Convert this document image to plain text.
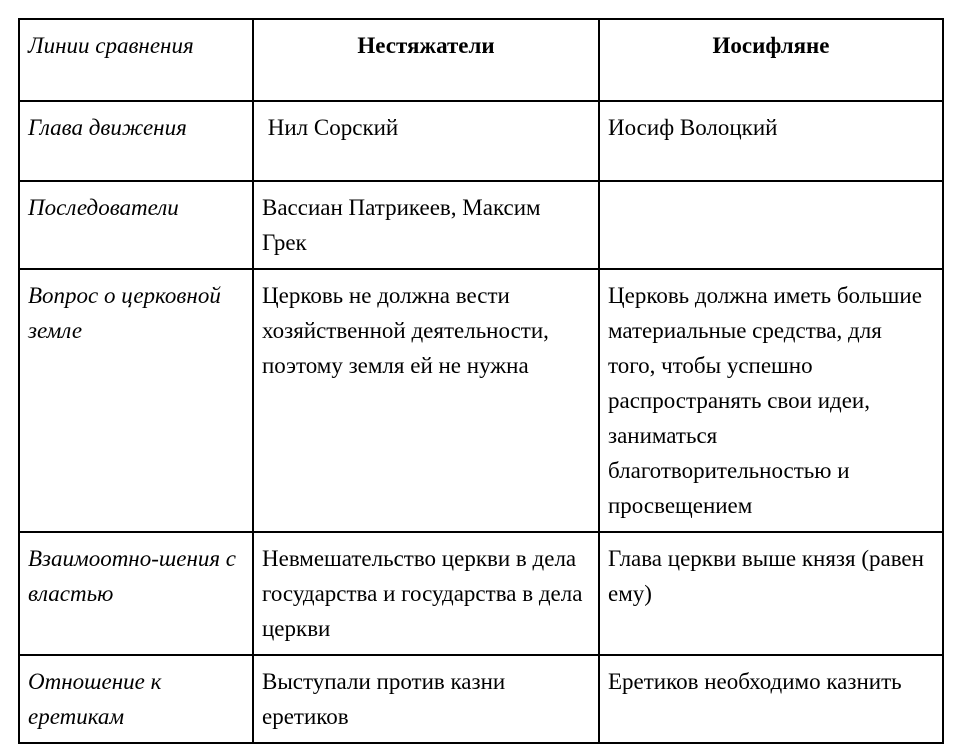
Линии сравнения	Нестяжатели	Иосифляне
Глава движения	Нил Сорский	Иосиф Волоцкий
Последователи	Вассиан Патрикеев, Максим Грек	
Вопрос о церковной земле	Церковь не должна вести хозяйственной деятельности, поэтому земля ей не нужна	Церковь должна иметь большие материальные средства, для того, чтобы успешно распространять свои идеи, заниматься благотворительностью и просвещением
Взаимоотно-шения с властью	Невмешательство церкви в дела государства и государства в дела церкви	Глава церкви выше князя (равен ему)
Отношение к еретикам	Выступали против казни еретиков	Еретиков необходимо казнить
